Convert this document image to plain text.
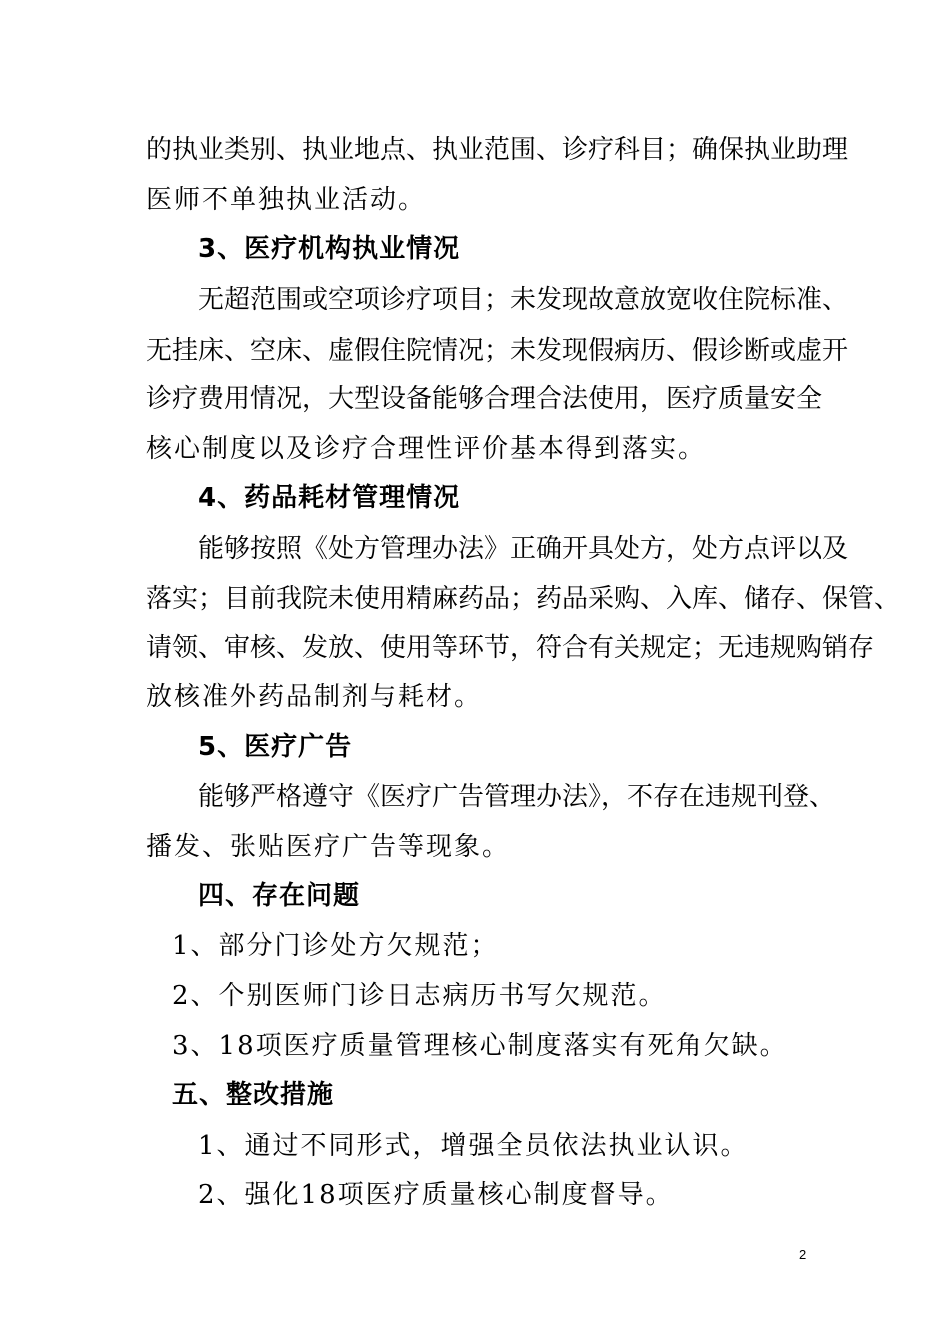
的执业类别、执业地点、执业范围、诊疗科目；确保执业助理
医师不单独执业活动。
3、医疗机构执业情况
无超范围或空项诊疗项目；未发现故意放宽收住院标准、
无挂床、空床、虚假住院情况；未发现假病历、假诊断或虚开
诊疗费用情况，大型设备能够合理合法使用，医疗质量安全
核心制度以及诊疗合理性评价基本得到落实。
4、药品耗材管理情况
能够按照《处方管理办法》正确开具处方，处方点评以及
落实；目前我院未使用精麻药品；药品采购、入库、储存、保管、
请领、审核、发放、使用等环节，符合有关规定；无违规购销存
放核准外药品制剂与耗材。
5、医疗广告
能够严格遵守《医疗广告管理办法》，不存在违规刊登、
播发、张贴医疗广告等现象。
四、存在问题
1、部分门诊处方欠规范；
2、个别医师门诊日志病历书写欠规范。
3、18项医疗质量管理核心制度落实有死角欠缺。
五、整改措施
1、通过不同形式，增强全员依法执业认识。
2、强化18项医疗质量核心制度督导。
2
